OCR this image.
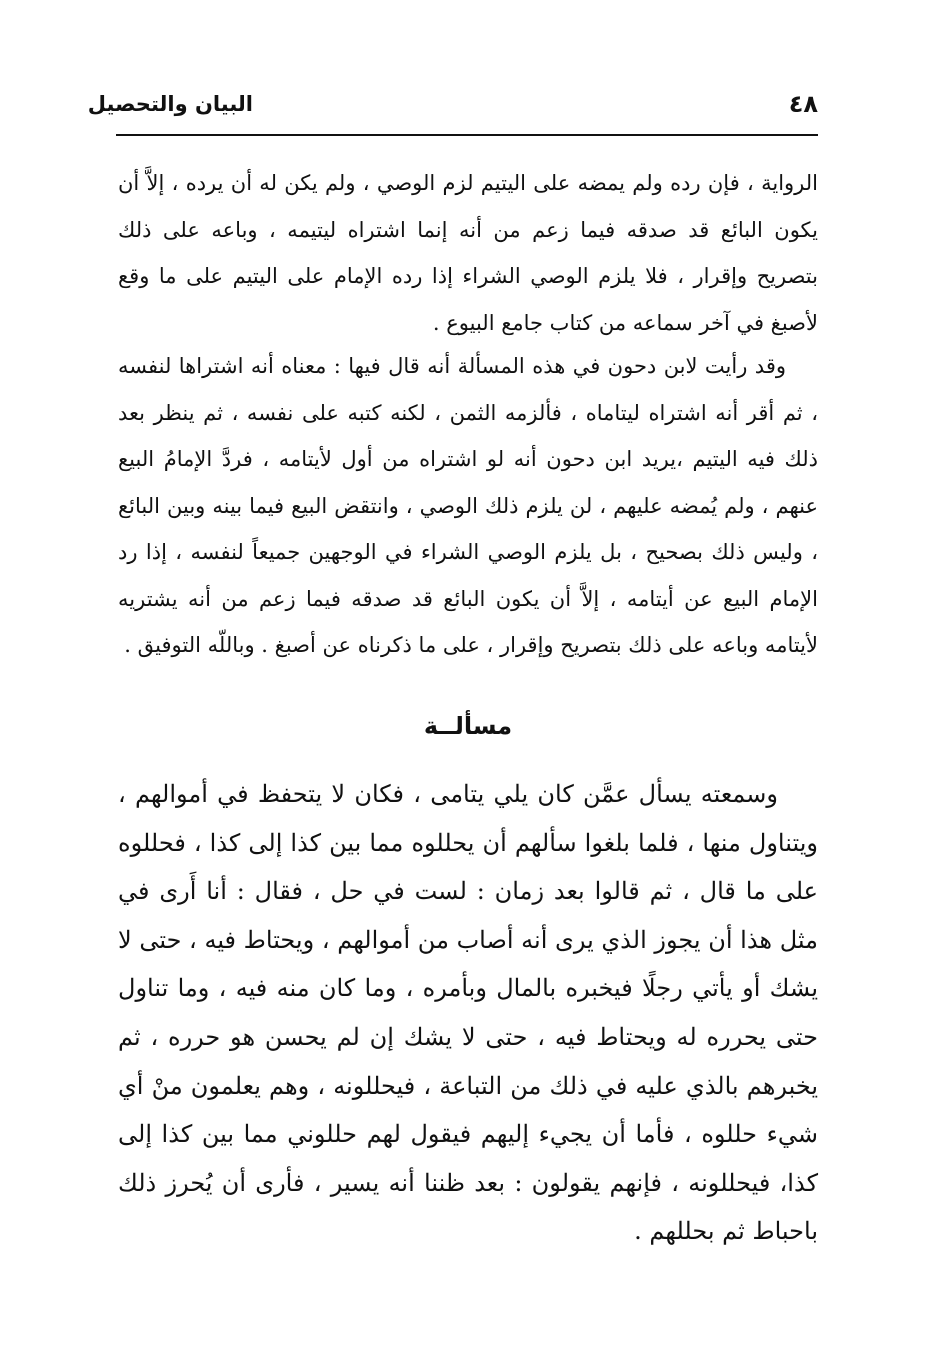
٤٨
البيان والتحصيل

الرواية ، فإن رده ولم يمضه على اليتيم لزم الوصي ، ولم يكن له أن يرده ، إلاَّ أن يكون البائع قد صدقه فيما زعم من أنه إنما اشتراه ليتيمه ، وباعه على ذلك بتصريح وإقرار ، فلا يلزم الوصي الشراء إذا رده الإمام على اليتيم على ما وقع لأصبغ في آخر سماعه من كتاب جامع البيوع .

وقد رأيت لابن دحون في هذه المسألة أنه قال فيها : معناه أنه اشتراها لنفسه ، ثم أقر أنه اشتراه ليتاماه ، فألزمه الثمن ، لكنه كتبه على نفسه ، ثم ينظر بعد ذلك فيه اليتيم ،يريد ابن دحون أنه لو اشتراه من أول لأيتامه ، فردَّ الإمامُ البيع عنهم ، ولم يُمضه عليهم ، لن يلزم ذلك الوصي ، وانتقض البيع فيما بينه وبين البائع ، وليس ذلك بصحيح ، بل يلزم الوصي الشراء في الوجهين جميعاً لنفسه ، إذا رد الإمام البيع عن أيتامه ، إلاَّ أن يكون البائع قد صدقه فيما زعم من أنه يشتريه لأيتامه وباعه على ذلك بتصريح وإقرار ، على ما ذكرناه عن أصبغ . وباللّه التوفيق .

مسألــة

وسمعته يسأل عمَّن كان يلي يتامى ، فكان لا يتحفظ في أموالهم ، ويتناول منها ، فلما بلغوا سألهم أن يحللوه مما بين كذا إلى كذا ، فحللوه على ما قال ، ثم قالوا بعد زمان : لست في حل ، فقال : أنا أَرى في مثل هذا أن يجوز الذي يرى أنه أصاب من أموالهم ، ويحتاط فيه ، حتى لا يشك أو يأتي رجلًا فيخبره بالمال وبأمره ، وما كان منه فيه ، وما تناول حتى يحرره له ويحتاط فيه ، حتى لا يشك إن لم يحسن هو حرره ، ثم يخبرهم بالذي عليه في ذلك من التباعة ، فيحللونه ، وهم يعلمون منْ أي شيء حللوه ، فأما أن يجيء إليهم فيقول لهم حللوني مما بين كذا إلى كذا، فيحللونه ، فإنهم يقولون : بعد ظننا أنه يسير ، فأرى أن يُحرز ذلك باحباط ثم بحللهم .
